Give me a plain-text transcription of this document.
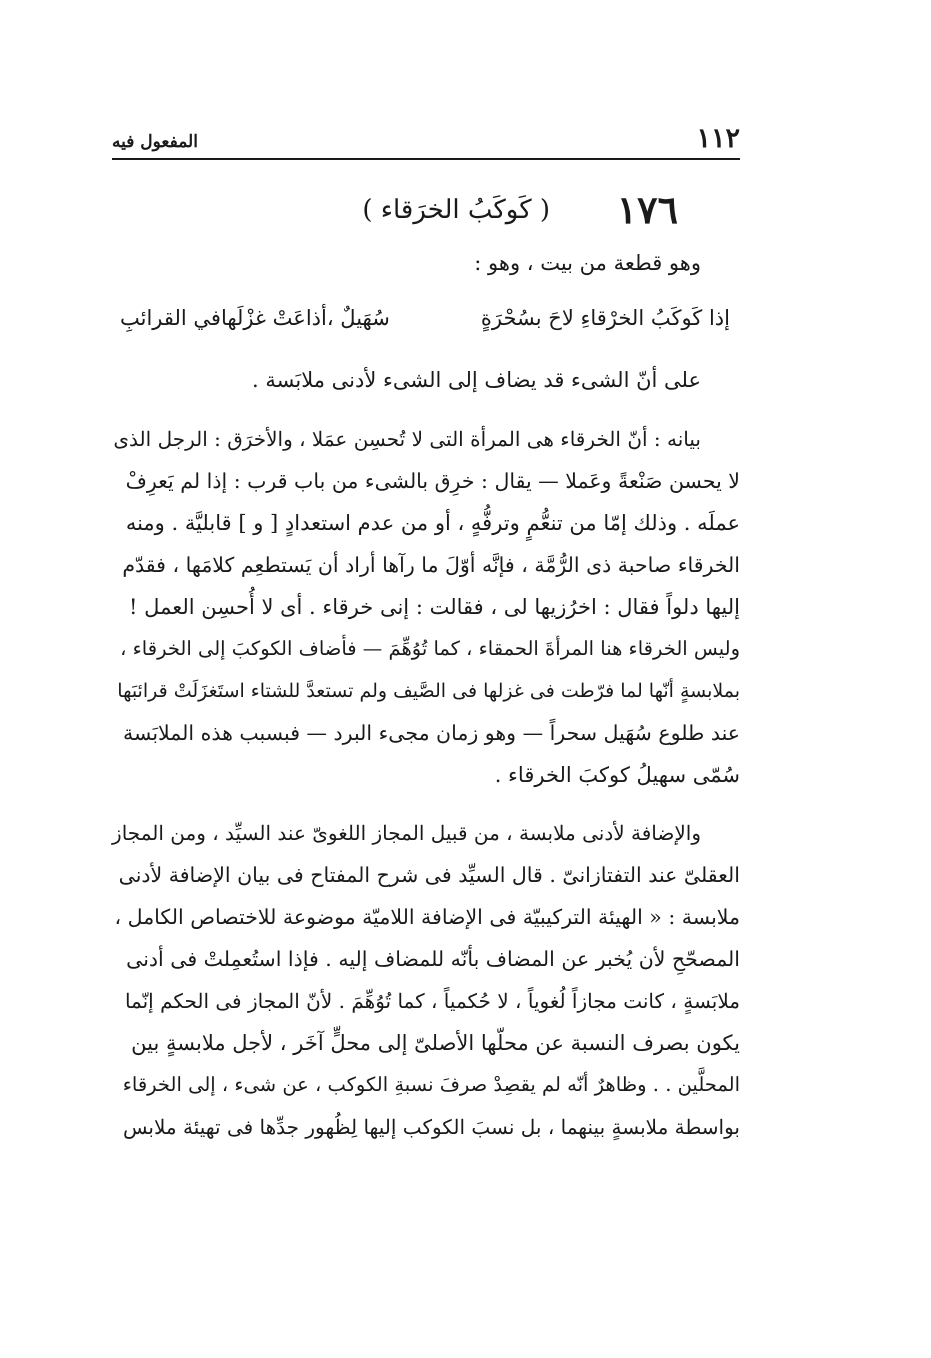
١١٢
المفعول فيه
١٧٦
( كَوكَبُ الخرَقاء )
وهو قطعة من بيت ، وهو :
إذا كَوكَبُ الخرْقاءِ لاحَ بسُحْرَةٍ
سُهَيلٌ ،أذاعَتْ غزْلَهافي القرائبِ
على أنّ الشىء قد يضاف إلى الشىء لأدنى ملابَسة .
بيانه : أنّ الخرقاء هى المرأة التى لا تُحسِن عمَلا ، والأخرَق : الرجل الذى
لا يحسن صَنْعةً وعَملا — يقال : خرِق بالشىء من باب قرب : إذا لم يَعرِفْ
عملَه . وذلك إمّا من تنعُّمٍ وترفُّهٍ ، أو من عدم استعدادٍ [ و ] قابليَّة . ومنه
الخرقاء صاحبة ذى الرُّمَّة ، فإنَّه أوّلَ ما رآها أراد أن يَستطعِم كلامَها ، فقدّم
إليها دلواً فقال : اخرُزيها لى ، فقالت : إنى خرقاء . أى لا أُحسِن العمل !
وليس الخرقاء هنا المرأةَ الحمقاء ، كما تُوُهِّمَ — فأضاف الكوكبَ إلى الخرقاء ،
بملابسةٍ أنّها لما فرّطت فى غزلها فى الصَّيف ولم تستعدَّ للشتاء استَغزَلَتْ قرائبَها
عند طلوع سُهَيل سحراً — وهو زمان مجىء البرد — فبسبب هذه الملابَسة
سُمّى سهيلُ كوكبَ الخرقاء .
والإضافة لأدنى ملابسة ، من قبيل المجاز اللغوىّ عند السيِّد ، ومن المجاز
العقلىّ عند التفتازانىّ . قال السيِّد فى شرح المفتاح فى بيان الإضافة لأدنى
ملابسة : « الهيئة التركيبيّة فى الإضافة اللاميّة موضوعة للاختصاص الكامل ،
المصحّحِ لأن يُخبر عن المضاف بأنّه للمضاف إليه . فإذا استُعمِلتْ فى أدنى
ملابَسةٍ ، كانت مجازاً لُغوياً ، لا حُكمياً ، كما تُوُهِّمَ . لأنّ المجاز فى الحكم إنّما
يكون بصرف النسبة عن محلّها الأصلىّ إلى محلٍّ آخَر ، لأجل ملابسةٍ بين
المحلَّين . . وظاهرٌ أنّه لم يقصِدْ صرفَ نسبةِ الكوكب ، عن شىء ، إلى الخرقاء
بواسطة ملابسةٍ بينهما ، بل نسبَ الكوكب إليها لِظُهور جدِّها فى تهيئة ملابس
